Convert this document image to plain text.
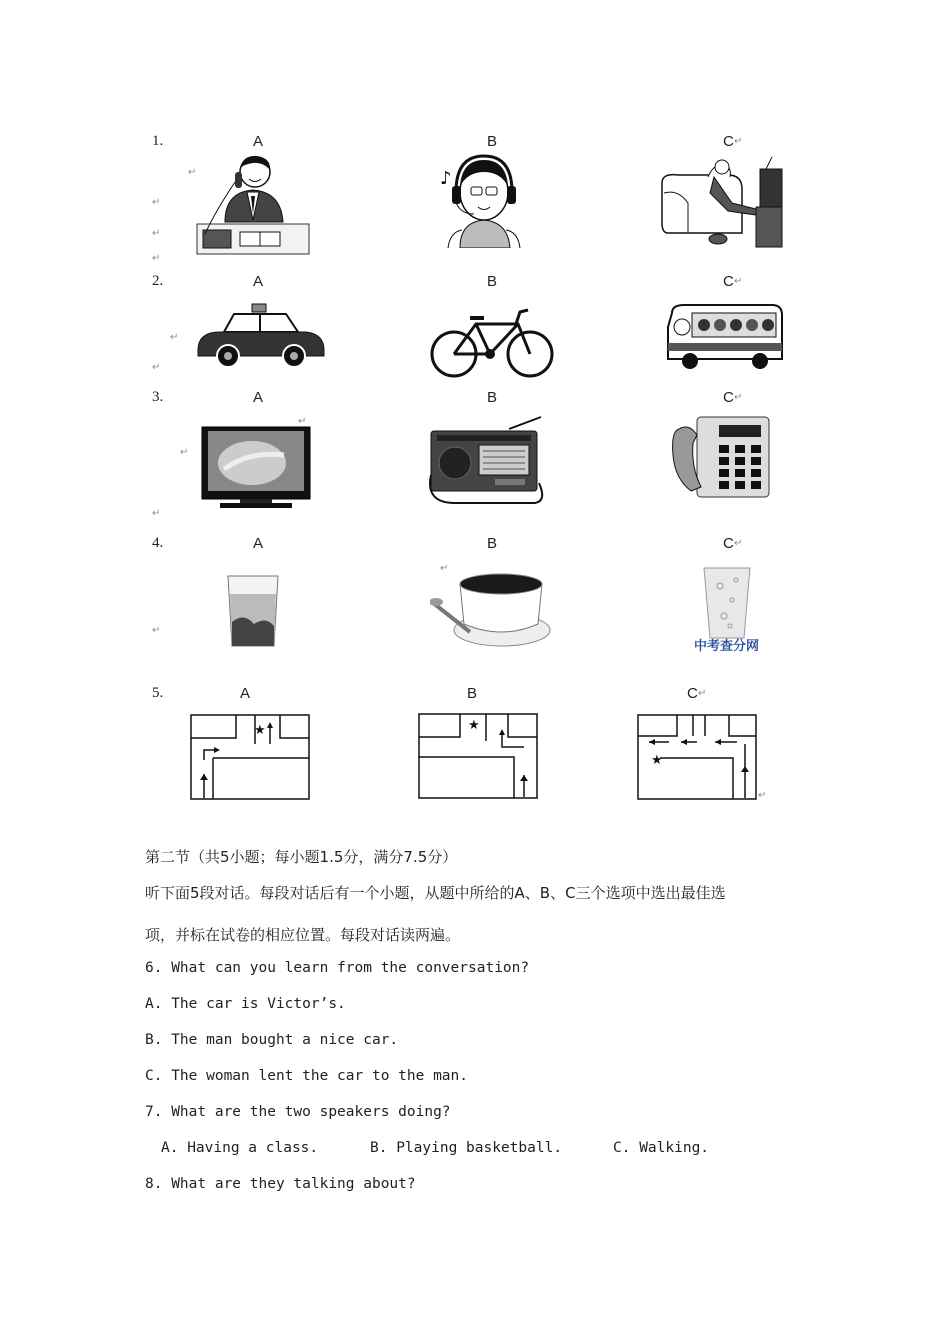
1.	A	B	C ↵
↵
↵
↵
↵
♪
2.	A	B	C ↵
↵
↵
3.	A	B	C ↵
↵
↵
↵
4.	A	B	C ↵
↵
↵
中考查分网
5.	A	B	C ↵
↵
★	★
★
第二节（共5小题；每小题1.5分，满分7.5分）
听下面5段对话。每段对话后有一个小题，从题中所给的A、B、C三个选项中选出最佳选
项，并标在试卷的相应位置。每段对话读两遍。
6. What can you learn from the conversation?
A. The car is Victor’s.
B. The man bought a nice car.
C. The woman lent the car to the man.
7. What are the two speakers doing?
A. Having a class.	B. Playing basketball.	C. Walking.
8. What are they talking about?
